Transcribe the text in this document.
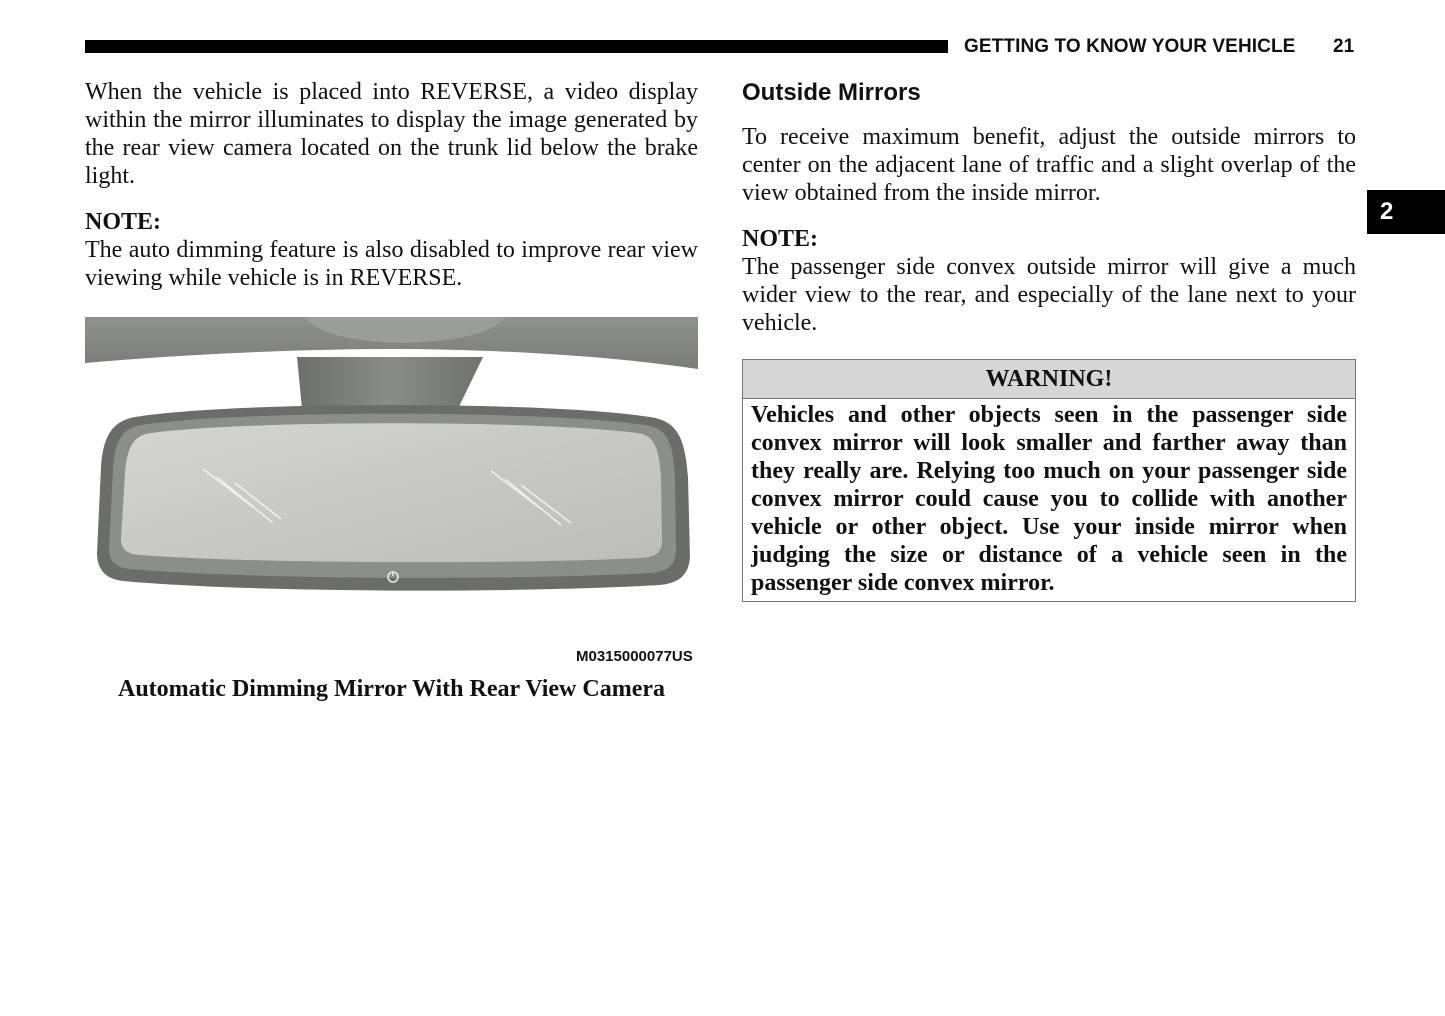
GETTING TO KNOW YOUR VEHICLE 21
2

When the vehicle is placed into REVERSE, a video display within the mirror illuminates to display the image generated by the rear view camera located on the trunk lid below the brake light.

NOTE:

The auto dimming feature is also disabled to improve rear view viewing while vehicle is in REVERSE.

M0315000077US
Automatic Dimming Mirror With Rear View Camera

Outside Mirrors

To receive maximum benefit, adjust the outside mirrors to center on the adjacent lane of traffic and a slight overlap of the view obtained from the inside mirror.

NOTE:

The passenger side convex outside mirror will give a much wider view to the rear, and especially of the lane next to your vehicle.

WARNING!

Vehicles and other objects seen in the passenger side convex mirror will look smaller and farther away than they really are. Relying too much on your passenger side convex mirror could cause you to collide with another vehicle or other object. Use your inside mirror when judging the size or distance of a vehicle seen in the passenger side convex mirror.
